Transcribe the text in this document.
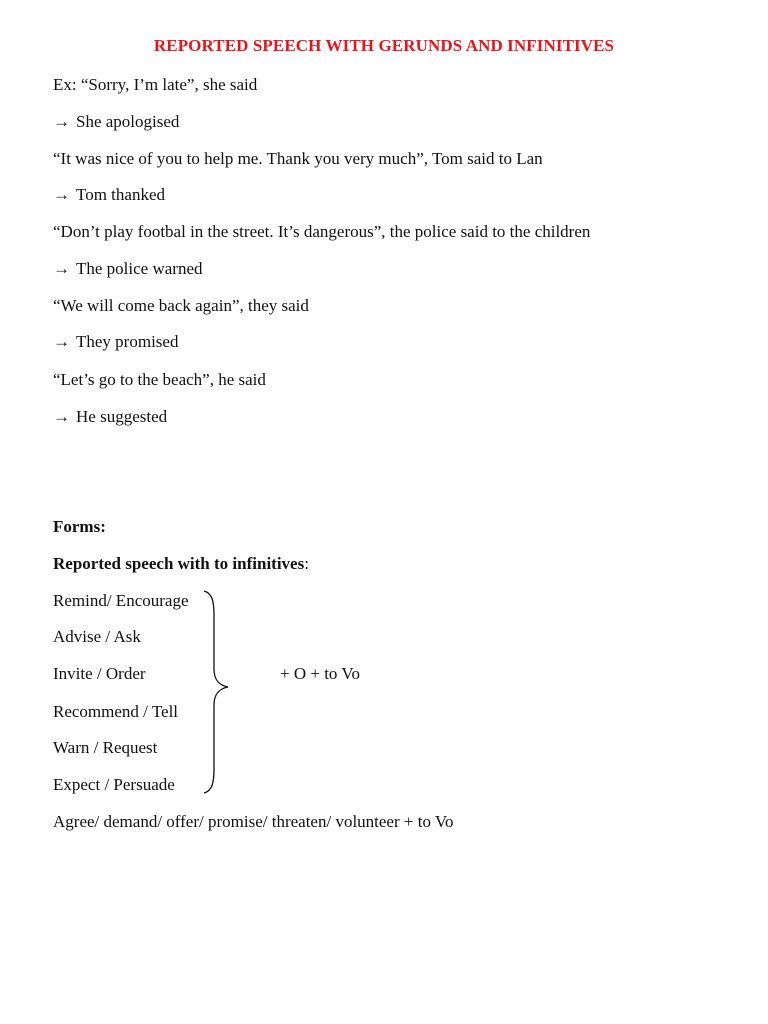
REPORTED SPEECH WITH GERUNDS AND INFINITIVES
Ex: “Sorry, I’m late”, she said
→ She apologised
“It was nice of you to help me. Thank you very much”, Tom said to Lan
→ Tom thanked
“Don’t play footbal in the street. It’s dangerous”, the police said to the children
→ The police warned
“We will come back again”, they said
→ They promised
“Let’s go to the beach”, he said
→ He suggested
Forms:
Reported speech with to infinitives:
Remind/ Encourage
Advise / Ask
Invite / Order
Recommend / Tell
Warn / Request
Expect / Persuade
+ O + to Vo
Agree/ demand/ offer/ promise/ threaten/ volunteer + to Vo
